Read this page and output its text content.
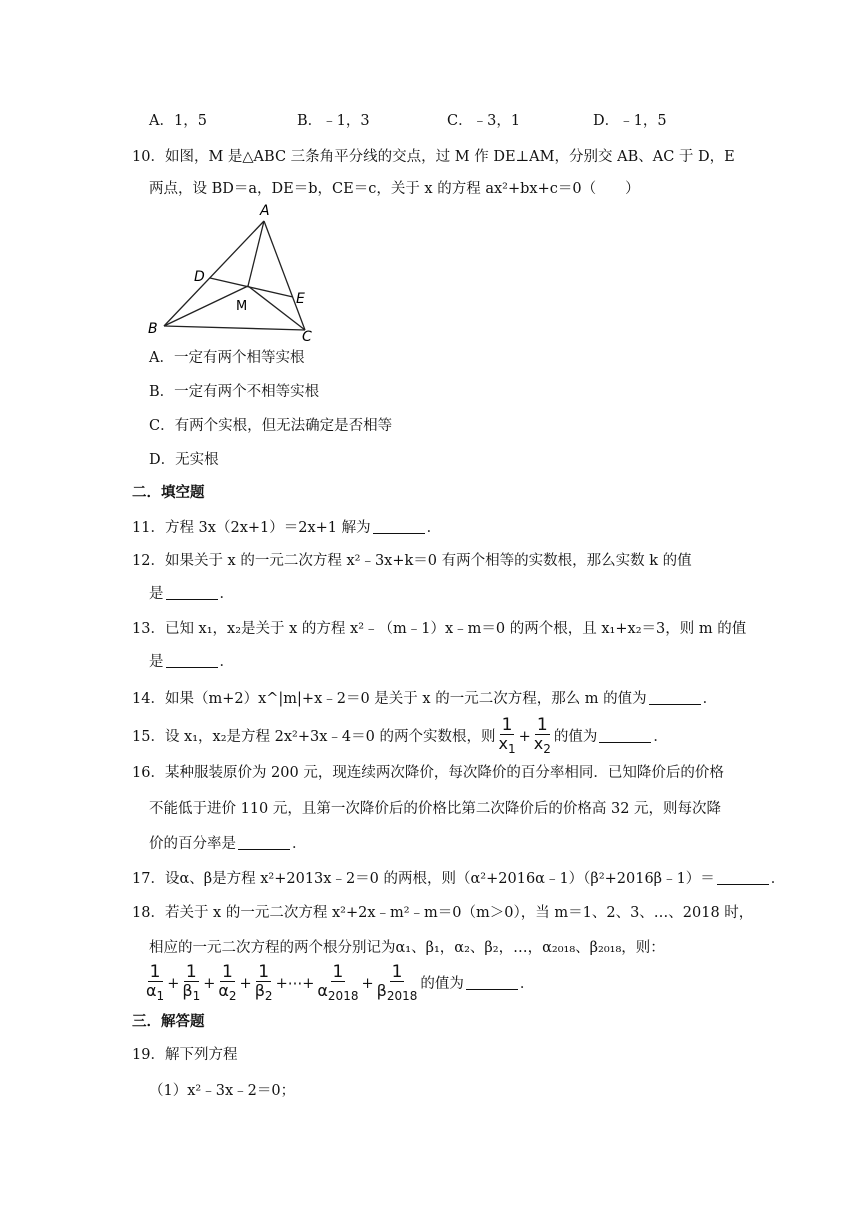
A．1，5	B．﹣1，3	C．﹣3，1	D．﹣1，5
10．如图，M 是△ABC 三条角平分线的交点，过 M 作 DE⊥AM，分别交 AB、AC 于 D，E
两点，设 BD＝a，DE＝b，CE＝c，关于 x 的方程 ax²+bx+c＝0（　　）
A
D
M	E
B	C
A．一定有两个相等实根
B．一定有两个不相等实根
C．有两个实根，但无法确定是否相等
D．无实根
二．填空题
11．方程 3x（2x+1）＝2x+1 解为	．
12．如果关于 x 的一元二次方程 x²﹣3x+k＝0 有两个相等的实数根，那么实数 k 的值
是	．
13．已知 x₁，x₂是关于 x 的方程 x²﹣（m﹣1）x﹣m＝0 的两个根，且 x₁+x₂＝3，则 m 的值
是	．
14．如果（m+2）x^|m|+x﹣2＝0 是关于 x 的一元二次方程，那么 m 的值为	．
15．设 x₁，x₂是方程 2x²+3x﹣4＝0 的两个实数根，则 $\frac{1}{x_1} + \frac{1}{x_2}$ 的值为	．
16．某种服装原价为 200 元，现连续两次降价，每次降价的百分率相同．已知降价后的价格
不能低于进价 110 元，且第一次降价后的价格比第二次降价后的价格高 32 元，则每次降
价的百分率是	．
17．设α、β是方程 x²+2013x﹣2＝0 的两根，则（α²+2016α﹣1）（β²+2016β﹣1）＝	．
18．若关于 x 的一元二次方程 x²+2x﹣m²﹣m＝0（m＞0），当 m＝1、2、3、…、2018 时，
相应的一元二次方程的两个根分别记为α₁、β₁，α₂、β₂，…，α₂₀₁₈、β₂₀₁₈，则：
$\frac{1}{\alpha_1} + \frac{1}{\beta_1} + \frac{1}{\alpha_2} + \frac{1}{\beta_2}$ +⋯+ $\frac{1}{\alpha_{2018}} + \frac{1}{\beta_{2018}}$ 的值为	．
三．解答题
19．解下列方程
（1）x²﹣3x﹣2＝0；
